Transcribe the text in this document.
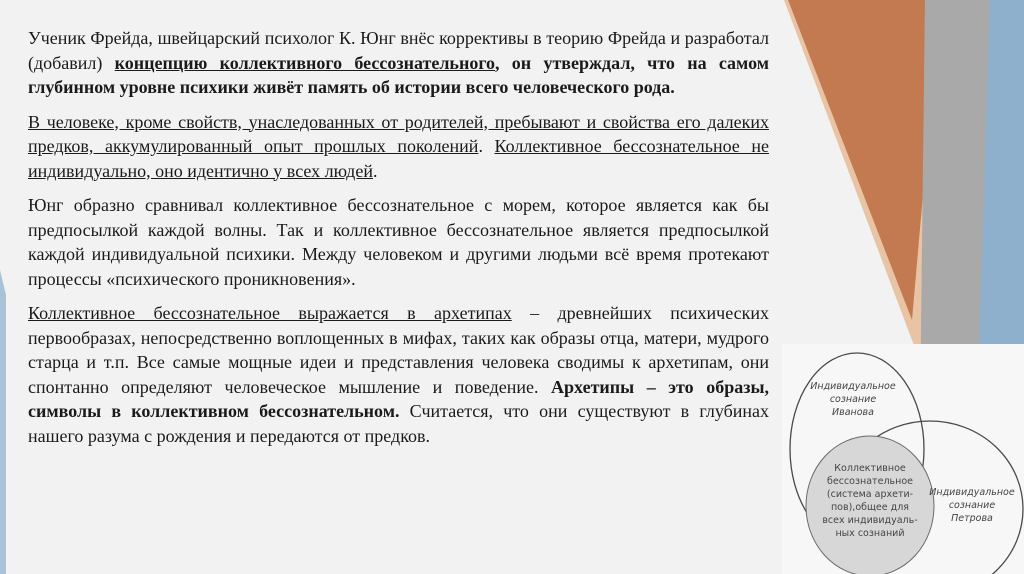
Ученик Фрейда, швейцарский психолог К. Юнг внёс коррективы в теорию Фрейда и разработал (добавил) концепцию коллективного бессознательного, он утверждал, что на самом глубинном уровне психики живёт память об истории всего человеческого рода.

В человеке, кроме свойств, унаследованных от родителей, пребывают и свойства его далеких предков, аккумулированный опыт прошлых поколений. Коллективное бессознательное не индивидуально, оно идентично у всех людей.

Юнг образно сравнивал коллективное бессознательное с морем, которое является как бы предпосылкой каждой волны. Так и коллективное бессознательное является предпосылкой каждой индивидуальной психики. Между человеком и другими людьми всё время протекают процессы «психического проникновения».

Коллективное бессознательное выражается в архетипах – древнейших психических первообразах, непосредственно воплощенных в мифах, таких как образы отца, матери, мудрого старца и т.п. Все самые мощные идеи и представления человека сводимы к архетипам, они спонтанно определяют человеческое мышление и поведение. Архетипы – это образы, символы в коллективном бессознательном. Считается, что они существуют в глубинах нашего разума с рождения и передаются от предков.

Индивидуальное
сознание
Иванова
Индивидуальное
сознание
Петрова
Коллективное
бессознательное
(система архети-
пов),общее для
всех индивидуаль-
ных сознаний
